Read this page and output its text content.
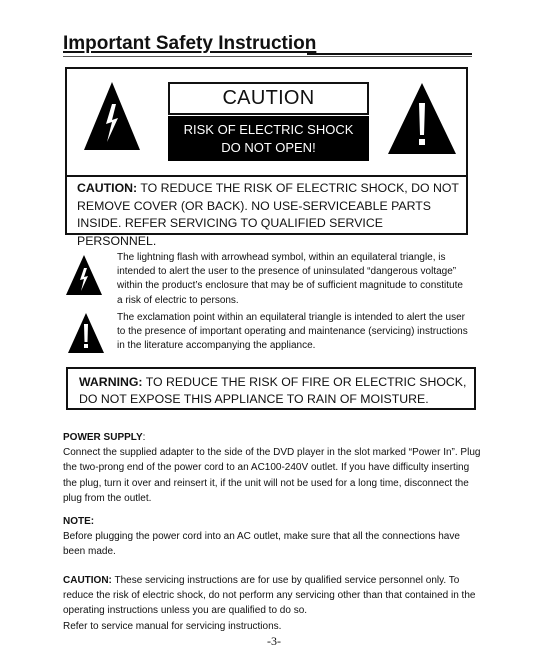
Important Safety Instruction
CAUTION
RISK OF ELECTRIC SHOCK
DO NOT OPEN!
CAUTION: TO REDUCE THE RISK OF ELECTRIC SHOCK, DO NOT REMOVE COVER (OR BACK). NO USE-SERVICEABLE PARTS INSIDE. REFER SERVICING TO QUALIFIED SERVICE PERSONNEL.
The lightning flash with arrowhead symbol, within an equilateral triangle, is intended to alert the user to the presence of uninsulated “dangerous voltage” within the product’s enclosure that may be of sufficient magnitude to constitute a risk of electric to persons.
The exclamation point within an equilateral triangle is intended to alert the user to the presence of important operating and maintenance (servicing) instructions in the literature accompanying the appliance.
WARNING: TO REDUCE THE RISK OF FIRE OR ELECTRIC SHOCK, DO NOT EXPOSE THIS APPLIANCE TO RAIN OF MOISTURE.
POWER SUPPLY:
Connect the supplied adapter to the side of the DVD player in the slot marked “Power In”. Plug the two-prong end of the power cord to an AC100-240V outlet. If you have difficulty inserting the plug, turn it over and reinsert it, if the unit will not be used for a long time, disconnect the plug from the outlet.
NOTE:
Before plugging the power cord into an AC outlet, make sure that all the connections have been made.
CAUTION: These servicing instructions are for use by qualified service personnel only. To reduce the risk of electric shock, do not perform any servicing other than that contained in the operating instructions unless you are qualified to do so.
Refer to service manual for servicing instructions.
-3-
